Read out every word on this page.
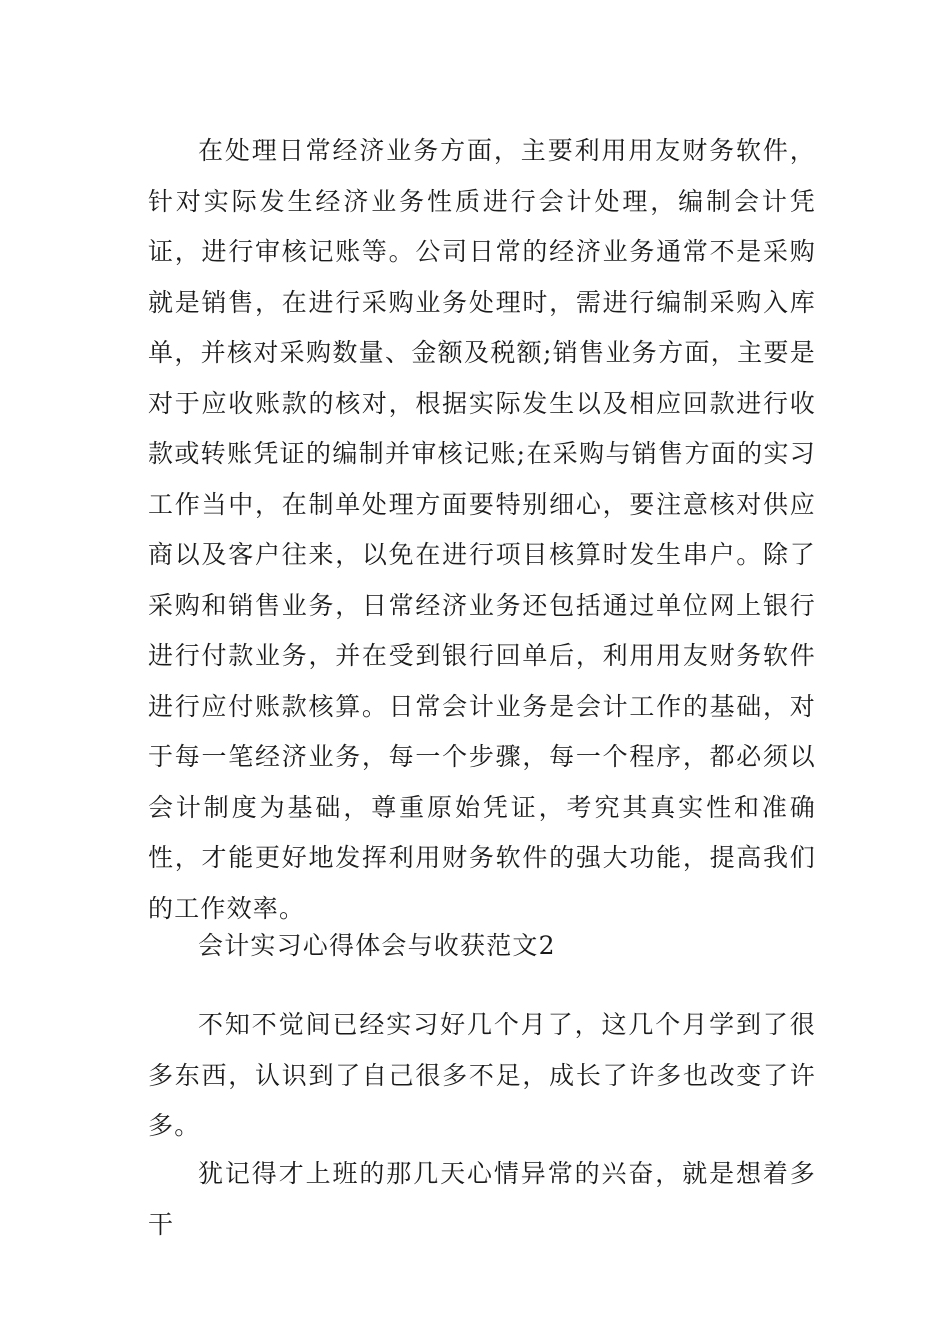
在处理日常经济业务方面，主要利用用友财务软件，针对实际发生经济业务性质进行会计处理，编制会计凭证，进行审核记账等。公司日常的经济业务通常不是采购就是销售，在进行采购业务处理时，需进行编制采购入库单，并核对采购数量、金额及税额;销售业务方面，主要是对于应收账款的核对，根据实际发生以及相应回款进行收款或转账凭证的编制并审核记账;在采购与销售方面的实习工作当中，在制单处理方面要特别细心，要注意核对供应商以及客户往来，以免在进行项目核算时发生串户。除了采购和销售业务，日常经济业务还包括通过单位网上银行进行付款业务，并在受到银行回单后，利用用友财务软件进行应付账款核算。日常会计业务是会计工作的基础，对于每一笔经济业务，每一个步骤，每一个程序，都必须以会计制度为基础，尊重原始凭证，考究其真实性和准确性，才能更好地发挥利用财务软件的强大功能，提高我们的工作效率。

会计实习心得体会与收获范文2

不知不觉间已经实习好几个月了，这几个月学到了很多东西，认识到了自己很多不足，成长了许多也改变了许多。

犹记得才上班的那几天心情异常的兴奋，就是想着多干
